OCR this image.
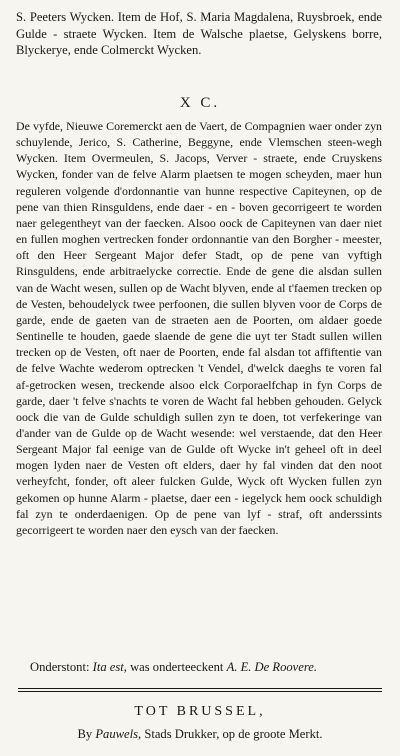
S. Peeters Wycken. Item de Hof, S. Maria Magdalena, Ruysbroek, ende Gulde - straete Wycken. Item de Walsche plaetse, Gelyskens borre, Blyckerye, ende Colmerckt Wycken.

X C.

De vyfde, Nieuwe Coremerckt aen de Vaert, de Compagnien waer onder zyn schuylende, Jerico, S. Catherine, Beggyne, ende Vlemschen steen-wegh Wycken. Item Overmeulen, S. Jacops, Verver - straete, ende Cruyskens Wycken, fonder van de felve Alarm plaetsen te mogen scheyden, maer hun reguleren volgende d'ordonnantie van hunne respective Capiteynen, op de pene van thien Rinsguldens, ende daer - en - boven gecorrigeert te worden naer gelegentheyt van der faecken. Alsoo oock de Capiteynen van daer niet en fullen moghen vertrecken fonder ordonnantie van den Borgher - meester, oft den Heer Sergeant Major defer Stadt, op de pene van vyftigh Rinsguldens, ende arbitraelycke correctie. Ende de gene die alsdan sullen van de Wacht wesen, sullen op de Wacht blyven, ende al t'faemen trecken op de Vesten, behoudelyck twee perfoonen, die sullen blyven voor de Corps de garde, ende de gaeten van de straeten aen de Poorten, om aldaer goede Sentinelle te houden, gaede slaende de gene die uyt ter Stadt sullen willen trecken op de Vesten, oft naer de Poorten, ende fal alsdan tot affiftentie van de felve Wachte wederom optrecken 't Vendel, d'welck daeghs te voren fal af-getrocken wesen, treckende alsoo elck Corporaelfchap in fyn Corps de garde, daer 't felve s'nachts te voren de Wacht fal hebben gehouden. Gelyck oock die van de Gulde schuldigh sullen zyn te doen, tot verfekeringe van d'ander van de Gulde op de Wacht wesende: wel verstaende, dat den Heer Sergeant Major fal eenige van de Gulde oft Wycke in't geheel oft in deel mogen lyden naer de Vesten oft elders, daer hy fal vinden dat den noot verheyfcht, fonder, oft aleer fulcken Gulde, Wyck oft Wycken fullen zyn gekomen op hunne Alarm - plaetse, daer een - iegelyck hem oock schuldigh fal zyn te onderdaenigen. Op de pene van lyf - straf, oft anderssints gecorrigeert te worden naer den eysch van der faecken.

Onderstont: Ita est, was onderteeckent A. E. De Roovere.

TOT BRUSSEL,

By Pauwels, Stads Drukker, op de groote Merkt.
